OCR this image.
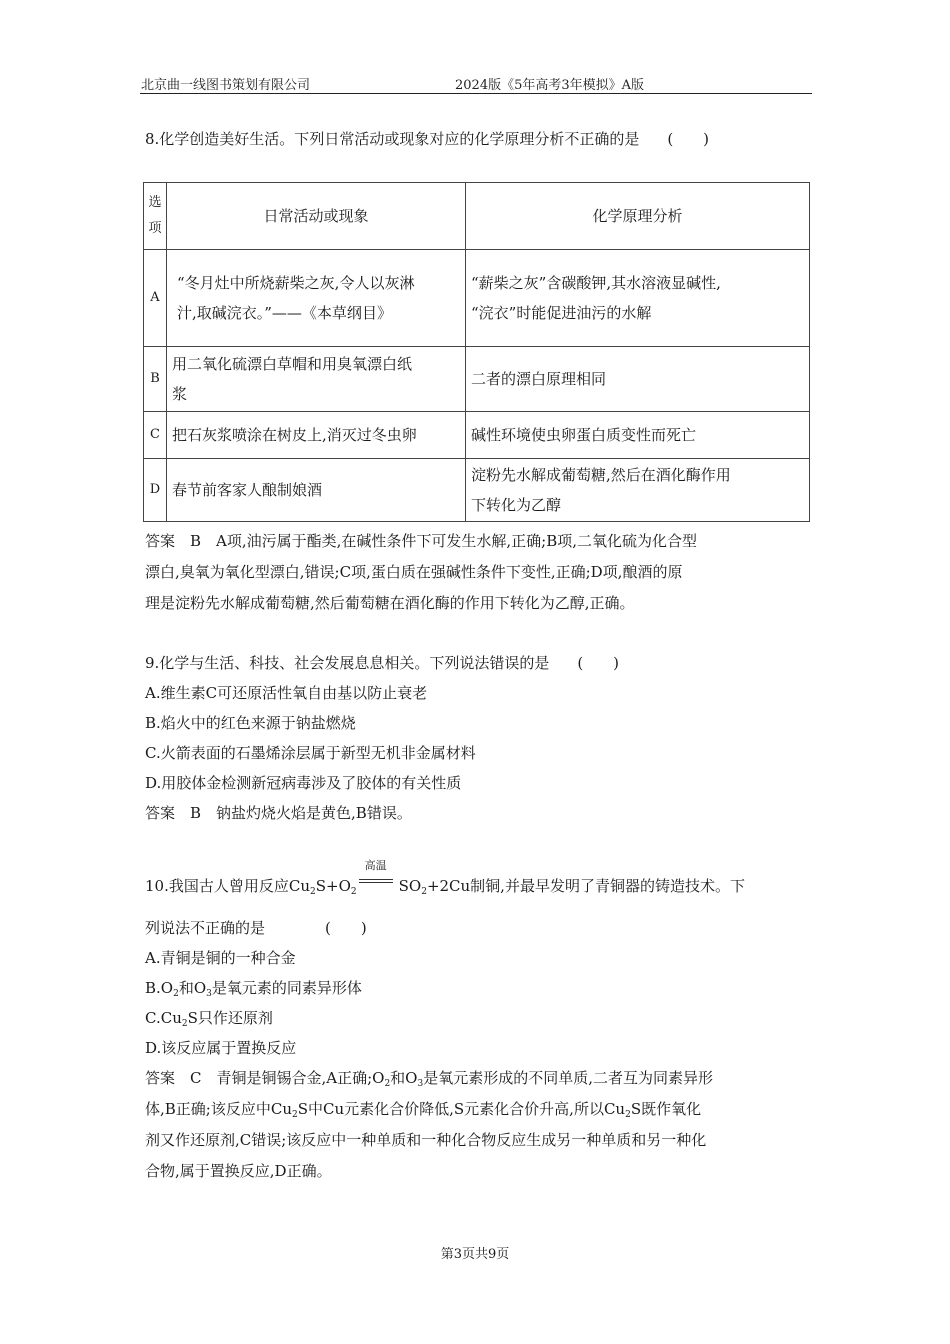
北京曲一线图书策划有限公司	2024版《5年高考3年模拟》A版
8.化学创造美好生活。下列日常活动或现象对应的化学原理分析不正确的是 (　　)
选
项	日常活动或现象	化学原理分析
A	“冬月灶中所烧薪柴之灰,令人以灰淋
汁,取碱浣衣。”——《本草纲目》	“薪柴之灰”含碳酸钾,其水溶液显碱性,
“浣衣”时能促进油污的水解
B	用二氧化硫漂白草帽和用臭氧漂白纸
浆	二者的漂白原理相同
C	把石灰浆喷涂在树皮上,消灭过冬虫卵	碱性环境使虫卵蛋白质变性而死亡
D	春节前客家人酿制娘酒	淀粉先水解成葡萄糖,然后在酒化酶作用
下转化为乙醇
答案　B　A项,油污属于酯类,在碱性条件下可发生水解,正确;B项,二氧化硫为化合型
漂白,臭氧为氧化型漂白,错误;C项,蛋白质在强碱性条件下变性,正确;D项,酿酒的原
理是淀粉先水解成葡萄糖,然后葡萄糖在酒化酶的作用下转化为乙醇,正确。
9.化学与生活、科技、社会发展息息相关。下列说法错误的是 (　　)
A.维生素C可还原活性氧自由基以防止衰老
B.焰火中的红色来源于钠盐燃烧
C.火箭表面的石墨烯涂层属于新型无机非金属材料
D.用胶体金检测新冠病毒涉及了胶体的有关性质
答案　B　钠盐灼烧火焰是黄色,B错误。
10.我国古人曾用反应$Cu_2S+O_2$
高温
$SO_2+2Cu$制铜,并最早发明了青铜器的铸造技术。下
列说法不正确的是	(　　)
A.青铜是铜的一种合金
$B.O_2$和$O_3$是氧元素的同素异形体
$C.Cu_2S$只作还原剂
D.该反应属于置换反应
答案　C　青铜是铜锡合金,A正确$;O_2$和$O_3$是氧元素形成的不同单质,二者互为同素异形
体,B正确;该反应中$Cu_2S$中Cu元素化合价降低,S元素化合价升高,所以$Cu_2S$既作氧化
剂又作还原剂,C错误;该反应中一种单质和一种化合物反应生成另一种单质和另一种化
合物,属于置换反应,D正确。
第3页共9页
